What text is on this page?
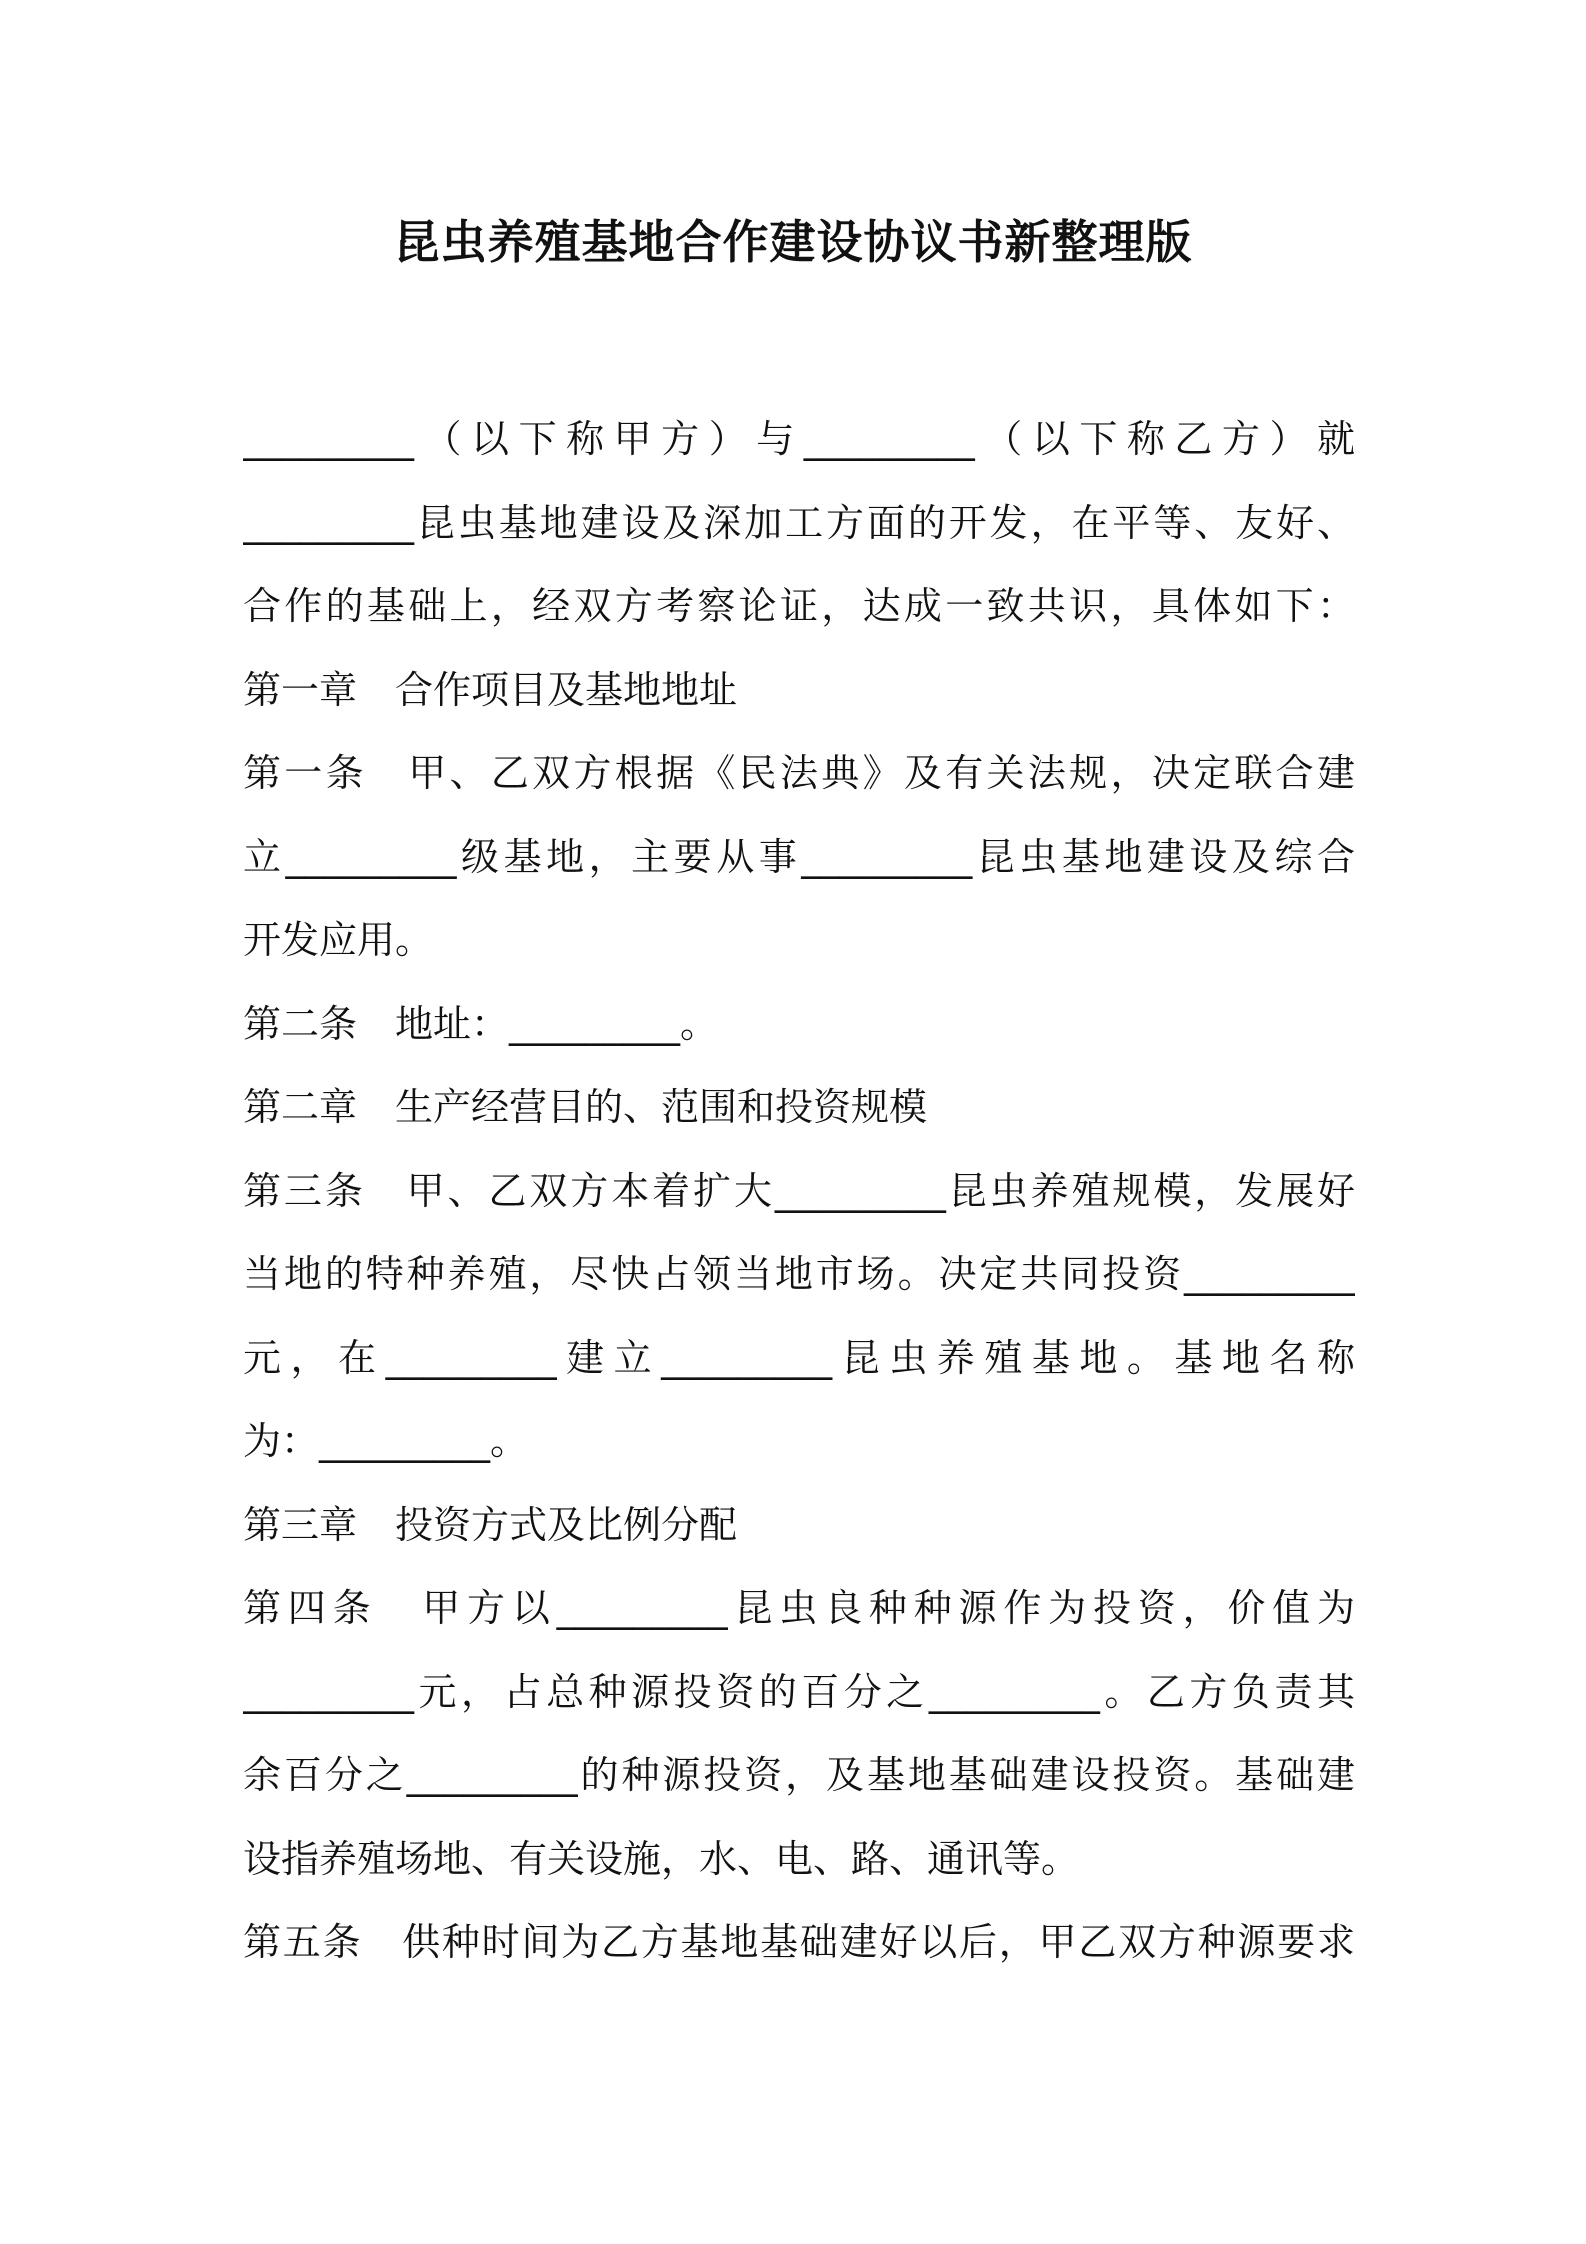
昆虫养殖基地合作建设协议书新整理版
_________（以下称甲方）与_________（以下称乙方）就
_________昆虫基地建设及深加工方面的开发，在平等、友好、
合作的基础上，经双方考察论证，达成一致共识，具体如下：
第一章　合作项目及基地地址
第一条　甲、乙双方根据《民法典》及有关法规，决定联合建
立_________级基地，主要从事_________昆虫基地建设及综合
开发应用。
第二条　地址：_________。
第二章　生产经营目的、范围和投资规模
第三条　甲、乙双方本着扩大_________昆虫养殖规模，发展好
当地的特种养殖，尽快占领当地市场。决定共同投资_________
元，在_________建立_________昆虫养殖基地。基地名称
为：_________。
第三章　投资方式及比例分配
第四条　甲方以_________昆虫良种种源作为投资，价值为
_________元，占总种源投资的百分之_________。乙方负责其
余百分之_________的种源投资，及基地基础建设投资。基础建
设指养殖场地、有关设施，水、电、路、通讯等。
第五条　供种时间为乙方基地基础建好以后，甲乙双方种源要求
